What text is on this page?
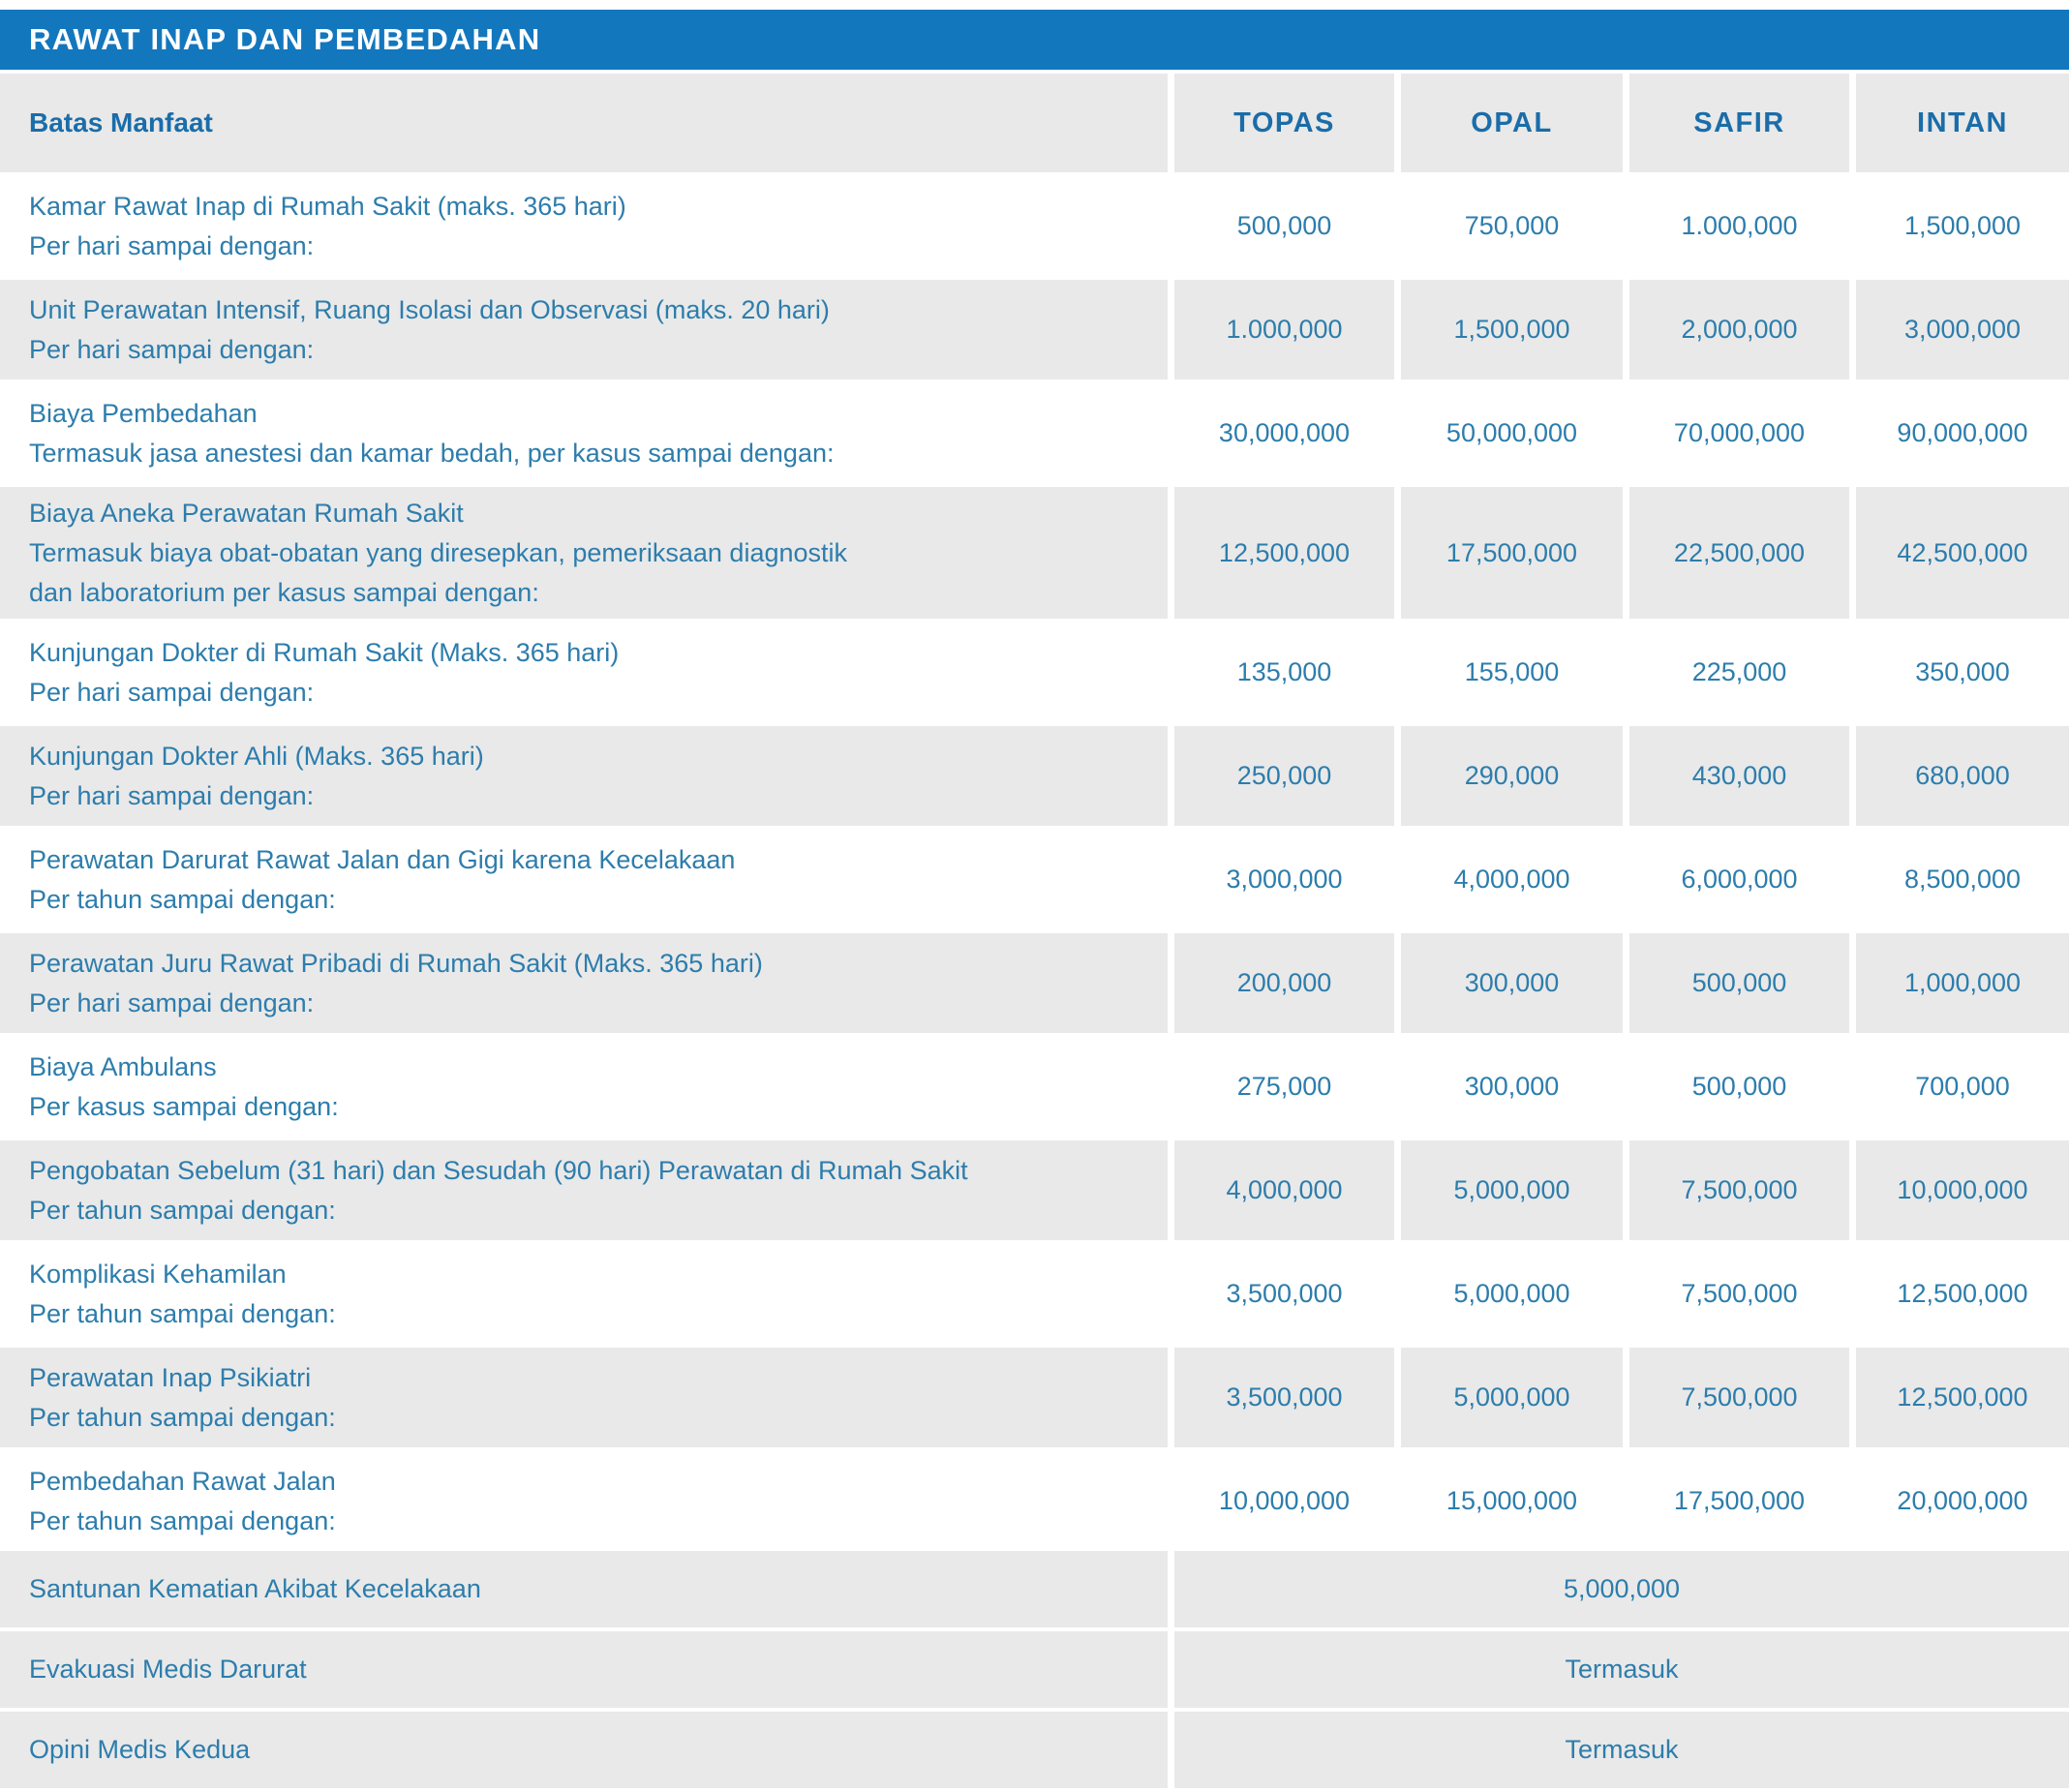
RAWAT INAP DAN PEMBEDAHAN
Batas Manfaat	TOPAS	OPAL	SAFIR	INTAN
Kamar Rawat Inap di Rumah Sakit (maks. 365 hari)
Per hari sampai dengan:
500,000	750,000	1.000,000	1,500,000
Unit Perawatan Intensif, Ruang Isolasi dan Observasi (maks. 20 hari)
Per hari sampai dengan:
1.000,000	1,500,000	2,000,000	3,000,000
Biaya Pembedahan
Termasuk jasa anestesi dan kamar bedah, per kasus sampai dengan:
30,000,000	50,000,000	70,000,000	90,000,000
Biaya Aneka Perawatan Rumah Sakit
Termasuk biaya obat-obatan yang diresepkan, pemeriksaan diagnostik
dan laboratorium per kasus sampai dengan:
12,500,000	17,500,000	22,500,000	42,500,000
Kunjungan Dokter di Rumah Sakit (Maks. 365 hari)
Per hari sampai dengan:
135,000	155,000	225,000	350,000
Kunjungan Dokter Ahli (Maks. 365 hari)
Per hari sampai dengan:
250,000	290,000	430,000	680,000
Perawatan Darurat Rawat Jalan dan Gigi karena Kecelakaan
Per tahun sampai dengan:
3,000,000	4,000,000	6,000,000	8,500,000
Perawatan Juru Rawat Pribadi di Rumah Sakit (Maks. 365 hari)
Per hari sampai dengan:
200,000	300,000	500,000	1,000,000
Biaya Ambulans
Per kasus sampai dengan:
275,000	300,000	500,000	700,000
Pengobatan Sebelum (31 hari) dan Sesudah (90 hari) Perawatan di Rumah Sakit
Per tahun sampai dengan:
4,000,000	5,000,000	7,500,000	10,000,000
Komplikasi Kehamilan
Per tahun sampai dengan:
3,500,000	5,000,000	7,500,000	12,500,000
Perawatan Inap Psikiatri
Per tahun sampai dengan:
3,500,000	5,000,000	7,500,000	12,500,000
Pembedahan Rawat Jalan
Per tahun sampai dengan:
10,000,000	15,000,000	17,500,000	20,000,000
Santunan Kematian Akibat Kecelakaan	5,000,000
Evakuasi Medis Darurat	Termasuk
Opini Medis Kedua	Termasuk
